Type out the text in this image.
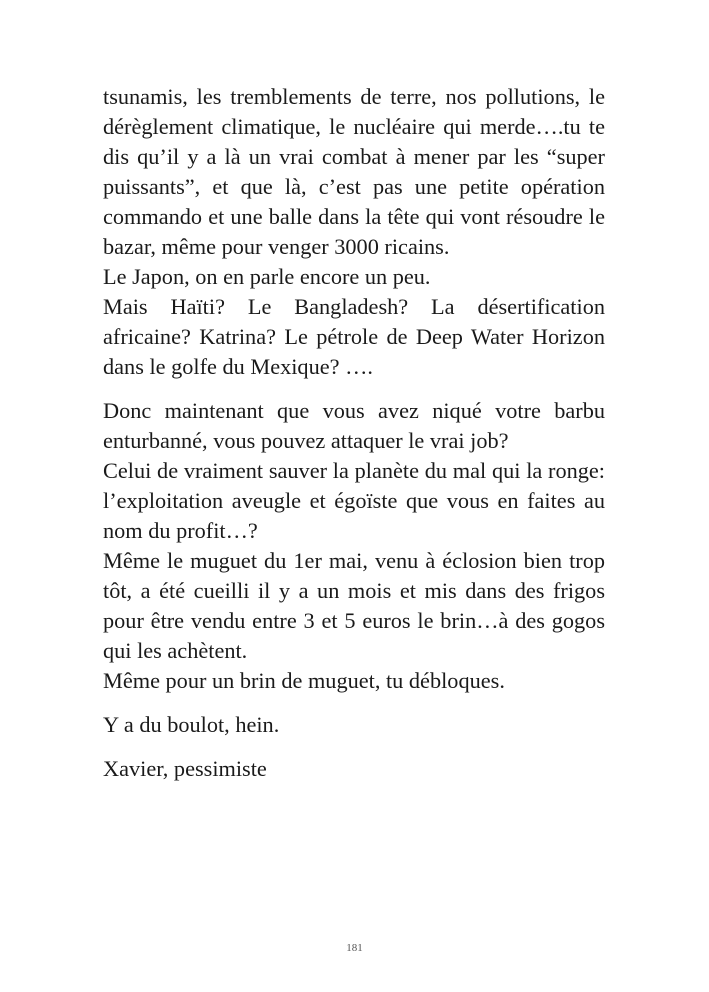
tsunamis, les tremblements de terre, nos pollutions, le dérèglement climatique, le nucléaire qui merde….tu te dis qu’il y a là un vrai combat à mener par les “super puissants”, et que là, c’est pas une petite opération commando et une balle dans la tête qui vont résoudre le bazar, même pour venger 3000 ricains.

Le Japon, on en parle encore un peu.

Mais Haïti? Le Bangladesh? La désertification africaine? Katrina? Le pétrole de Deep Water Horizon dans le golfe du Mexique? ….

Donc maintenant que vous avez niqué votre barbu enturbanné, vous pouvez attaquer le vrai job?

Celui de vraiment sauver la planète du mal qui la ronge: l’exploitation aveugle et égoïste que vous en faites au nom du profit…?

Même le muguet du 1er mai, venu à éclosion bien trop tôt, a été cueilli il y a un mois et mis dans des frigos pour être vendu entre 3 et 5 euros le brin…à des gogos qui les achètent.

Même pour un brin de muguet, tu débloques.

Y a du boulot, hein.

Xavier, pessimiste

181
